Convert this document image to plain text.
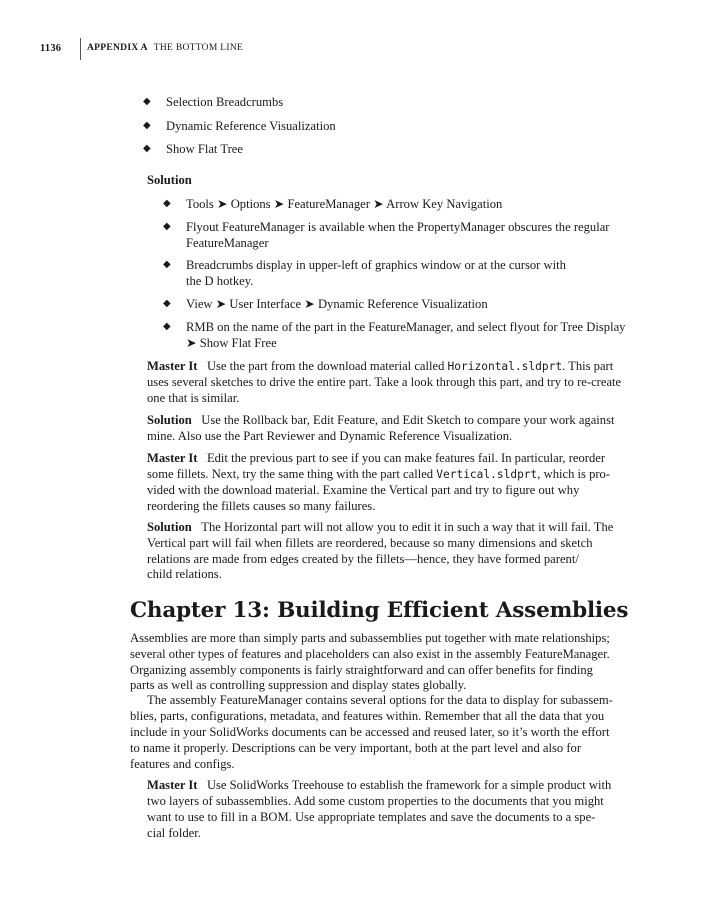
1136	APPENDIX A THE BOTTOM LINE
◆ Selection Breadcrumbs
◆ Dynamic Reference Visualization
◆ Show Flat Tree
Solution
◆ Tools ➤ Options ➤ FeatureManager ➤ Arrow Key Navigation
◆ Flyout FeatureManager is available when the PropertyManager obscures the regular
FeatureManager
◆ Breadcrumbs display in upper-left of graphics window or at the cursor with
the D hotkey.
◆ View ➤ User Interface ➤ Dynamic Reference Visualization
◆ RMB on the name of the part in the FeatureManager, and select flyout for Tree Display
➤ Show Flat Free
Master It Use the part from the download material called Horizontal.sldprt. This part
uses several sketches to drive the entire part. Take a look through this part, and try to re-create
one that is similar.
Solution Use the Rollback bar, Edit Feature, and Edit Sketch to compare your work against
mine. Also use the Part Reviewer and Dynamic Reference Visualization.
Master It Edit the previous part to see if you can make features fail. In particular, reorder
some fillets. Next, try the same thing with the part called Vertical.sldprt, which is pro-
vided with the download material. Examine the Vertical part and try to figure out why
reordering the fillets causes so many failures.
Solution The Horizontal part will not allow you to edit it in such a way that it will fail. The
Vertical part will fail when fillets are reordered, because so many dimensions and sketch
relations are made from edges created by the fillets—hence, they have formed parent/
child relations.
Chapter 13: Building Efficient Assemblies
Assemblies are more than simply parts and subassemblies put together with mate relationships;
several other types of features and placeholders can also exist in the assembly FeatureManager.
Organizing assembly components is fairly straightforward and can offer benefits for finding
parts as well as controlling suppression and display states globally.
The assembly FeatureManager contains several options for the data to display for subassem-
blies, parts, configurations, metadata, and features within. Remember that all the data that you
include in your SolidWorks documents can be accessed and reused later, so it’s worth the effort
to name it properly. Descriptions can be very important, both at the part level and also for
features and configs.
Master It Use SolidWorks Treehouse to establish the framework for a simple product with
two layers of subassemblies. Add some custom properties to the documents that you might
want to use to fill in a BOM. Use appropriate templates and save the documents to a spe-
cial folder.
